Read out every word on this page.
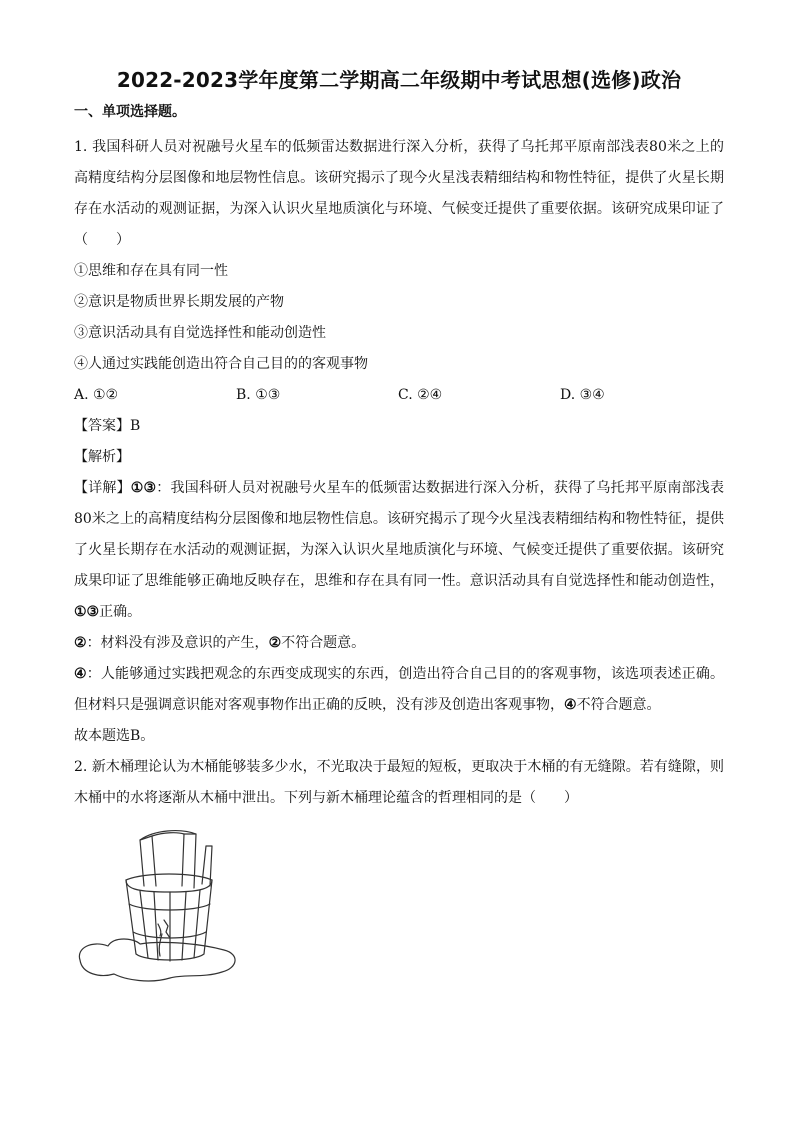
2022-2023学年度第二学期高二年级期中考试思想(选修)政治
一、单项选择题。

1. 我国科研人员对祝融号火星车的低频雷达数据进行深入分析，获得了乌托邦平原南部浅表80米之上的高精度结构分层图像和地层物性信息。该研究揭示了现今火星浅表精细结构和物性特征，提供了火星长期存在水活动的观测证据，为深入认识火星地质演化与环境、气候变迁提供了重要依据。该研究成果印证了（　　）

①思维和存在具有同一性

②意识是物质世界长期发展的产物

③意识活动具有自觉选择性和能动创造性

④人通过实践能创造出符合自己目的的客观事物

A. ①②	B. ①③	C. ②④	D. ③④

【答案】B

【解析】

【详解】①③：我国科研人员对祝融号火星车的低频雷达数据进行深入分析，获得了乌托邦平原南部浅表80米之上的高精度结构分层图像和地层物性信息。该研究揭示了现今火星浅表精细结构和物性特征，提供了火星长期存在水活动的观测证据，为深入认识火星地质演化与环境、气候变迁提供了重要依据。该研究成果印证了思维能够正确地反映存在，思维和存在具有同一性。意识活动具有自觉选择性和能动创造性，①③正确。

②：材料没有涉及意识的产生，②不符合题意。

④：人能够通过实践把观念的东西变成现实的东西，创造出符合自己目的的客观事物，该选项表述正确。但材料只是强调意识能对客观事物作出正确的反映，没有涉及创造出客观事物，④不符合题意。

故本题选B。

2. 新木桶理论认为木桶能够装多少水，不光取决于最短的短板，更取决于木桶的有无缝隙。若有缝隙，则木桶中的水将逐渐从木桶中泄出。下列与新木桶理论蕴含的哲理相同的是（　　）
